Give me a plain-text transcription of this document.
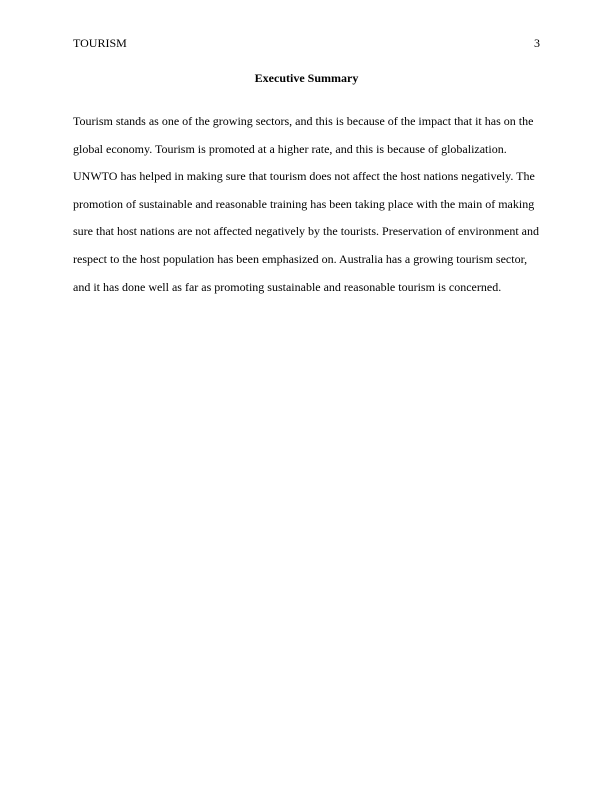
TOURISM	3
Executive Summary

Tourism stands as one of the growing sectors, and this is because of the impact that it has on the
global economy. Tourism is promoted at a higher rate, and this is because of globalization.
UNWTO has helped in making sure that tourism does not affect the host nations negatively. The
promotion of sustainable and reasonable training has been taking place with the main of making
sure that host nations are not affected negatively by the tourists. Preservation of environment and
respect to the host population has been emphasized on. Australia has a growing tourism sector,
and it has done well as far as promoting sustainable and reasonable tourism is concerned.
